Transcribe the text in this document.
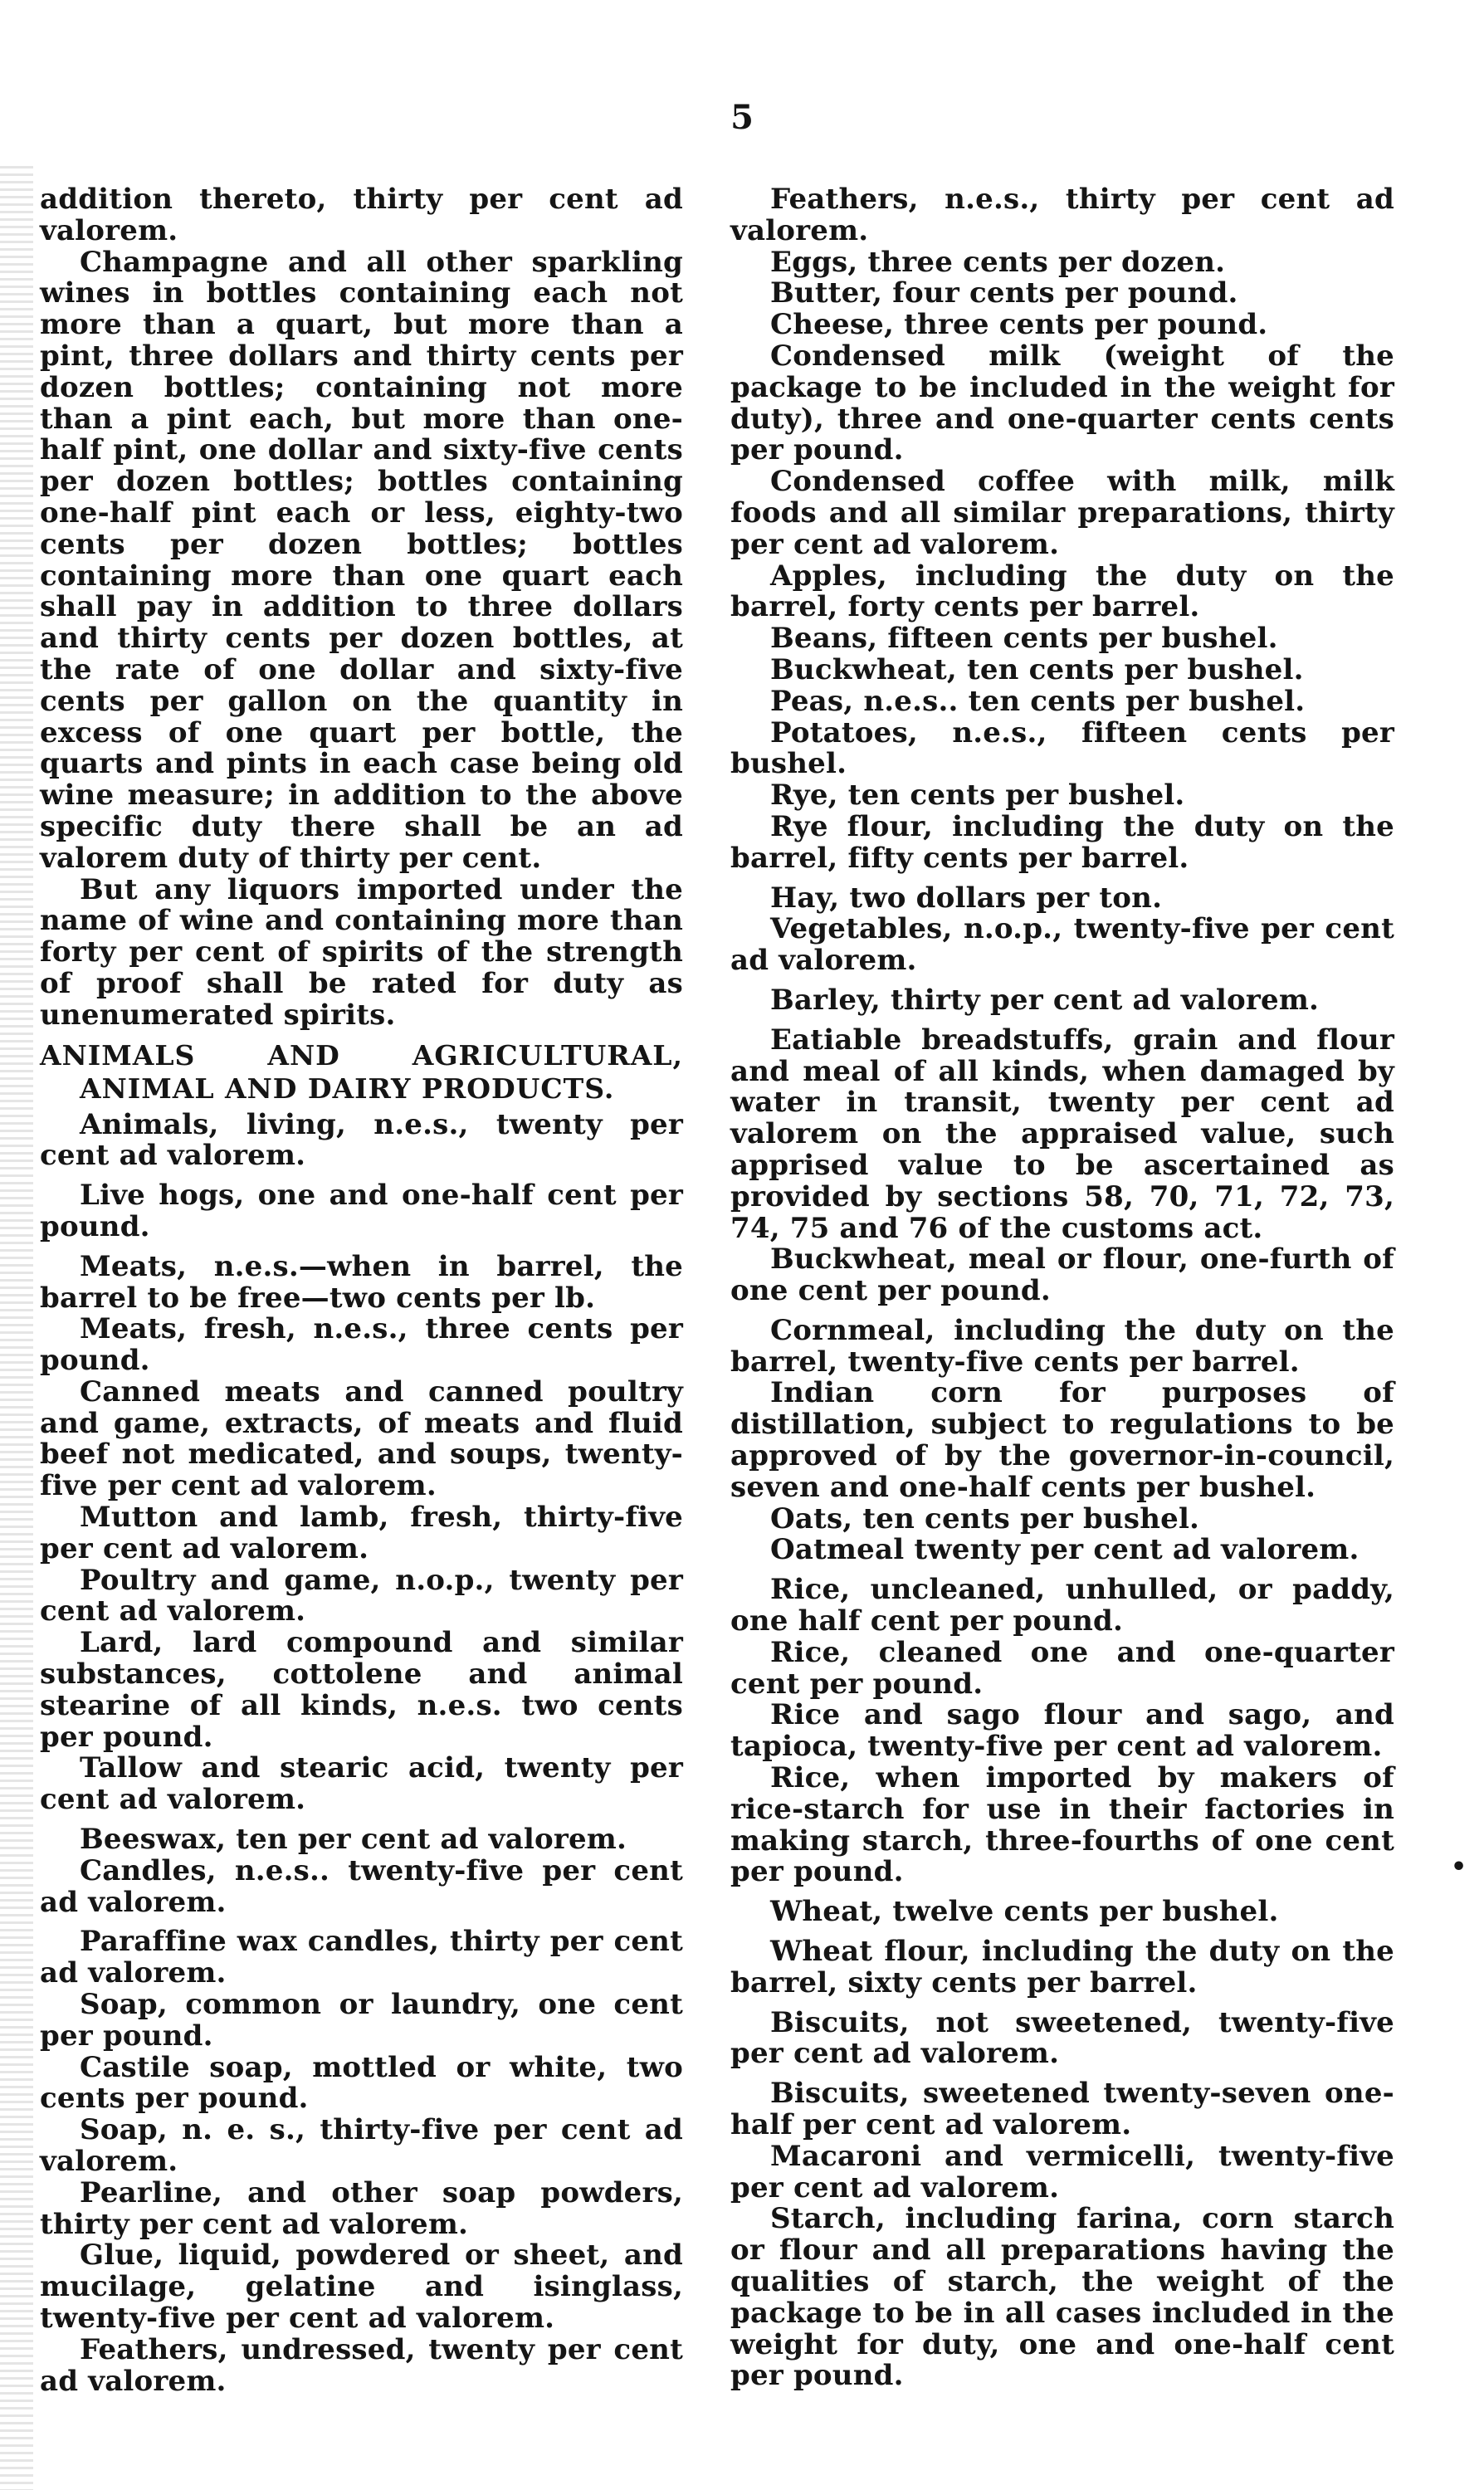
5

addition thereto, thirty per cent ad valorem.

Champagne and all other sparkling wines in bottles containing each not more than a quart, but more than a pint, three dollars and thirty cents per dozen bottles; containing not more than a pint each, but more than one-half pint, one dollar and sixty-five cents per dozen bottles; bottles containing one-half pint each or less, eighty-two cents per dozen bottles; bottles containing more than one quart each shall pay in addition to three dollars and thirty cents per dozen bottles, at the rate of one dollar and sixty-five cents per gallon on the quantity in excess of one quart per bottle, the quarts and pints in each case being old wine measure; in addition to the above specific duty there shall be an ad valorem duty of thirty per cent.

But any liquors imported under the name of wine and containing more than forty per cent of spirits of the strength of proof shall be rated for duty as unenumerated spirits.

ANIMALS AND AGRICULTURAL,
ANIMAL AND DAIRY PRODUCTS.

Animals, living, n.e.s., twenty per cent ad valorem.

Live hogs, one and one-half cent per pound.

Meats, n.e.s.—when in barrel, the barrel to be free—two cents per lb.

Meats, fresh, n.e.s., three cents per pound.

Canned meats and canned poultry and game, extracts, of meats and fluid beef not medicated, and soups, twenty-five per cent ad valorem.

Mutton and lamb, fresh, thirty-five per cent ad valorem.

Poultry and game, n.o.p., twenty per cent ad valorem.

Lard, lard compound and similar substances, cottolene and animal stearine of all kinds, n.e.s. two cents per pound.

Tallow and stearic acid, twenty per cent ad valorem.

Beeswax, ten per cent ad valorem.

Candles, n.e.s.. twenty-five per cent ad valorem.

Paraffine wax candles, thirty per cent ad valorem.

Soap, common or laundry, one cent per pound.

Castile soap, mottled or white, two cents per pound.

Soap, n. e. s., thirty-five per cent ad valorem.

Pearline, and other soap powders, thirty per cent ad valorem.

Glue, liquid, powdered or sheet, and mucilage, gelatine and isinglass, twenty-five per cent ad valorem.

Feathers, undressed, twenty per cent ad valorem.

Feathers, n.e.s., thirty per cent ad valorem.

Eggs, three cents per dozen.

Butter, four cents per pound.

Cheese, three cents per pound.

Condensed milk (weight of the package to be included in the weight for duty), three and one-quarter cents cents per pound.

Condensed coffee with milk, milk foods and all similar preparations, thirty per cent ad valorem.

Apples, including the duty on the barrel, forty cents per barrel.

Beans, fifteen cents per bushel.

Buckwheat, ten cents per bushel.

Peas, n.e.s.. ten cents per bushel.

Potatoes, n.e.s., fifteen cents per bushel.

Rye, ten cents per bushel.

Rye flour, including the duty on the barrel, fifty cents per barrel.

Hay, two dollars per ton.

Vegetables, n.o.p., twenty-five per cent ad valorem.

Barley, thirty per cent ad valorem.

Eatiable breadstuffs, grain and flour and meal of all kinds, when damaged by water in transit, twenty per cent ad valorem on the appraised value, such apprised value to be ascertained as provided by sections 58, 70, 71, 72, 73, 74, 75 and 76 of the customs act.

Buckwheat, meal or flour, one-furth of one cent per pound.

Cornmeal, including the duty on the barrel, twenty-five cents per barrel.

Indian corn for purposes of distillation, subject to regulations to be approved of by the governor-in-council, seven and one-half cents per bushel.

Oats, ten cents per bushel.

Oatmeal twenty per cent ad valorem.

Rice, uncleaned, unhulled, or paddy, one half cent per pound.

Rice, cleaned one and one-quarter cent per pound.

Rice and sago flour and sago, and tapioca, twenty-five per cent ad valorem.

Rice, when imported by makers of rice-starch for use in their factories in making starch, three-fourths of one cent per pound.

Wheat, twelve cents per bushel.

Wheat flour, including the duty on the barrel, sixty cents per barrel.

Biscuits, not sweetened, twenty-five per cent ad valorem.

Biscuits, sweetened twenty-seven one-half per cent ad valorem.

Macaroni and vermicelli, twenty-five per cent ad valorem.

Starch, including farina, corn starch or flour and all preparations having the qualities of starch, the weight of the package to be in all cases included in the weight for duty, one and one-half cent per pound.

•
